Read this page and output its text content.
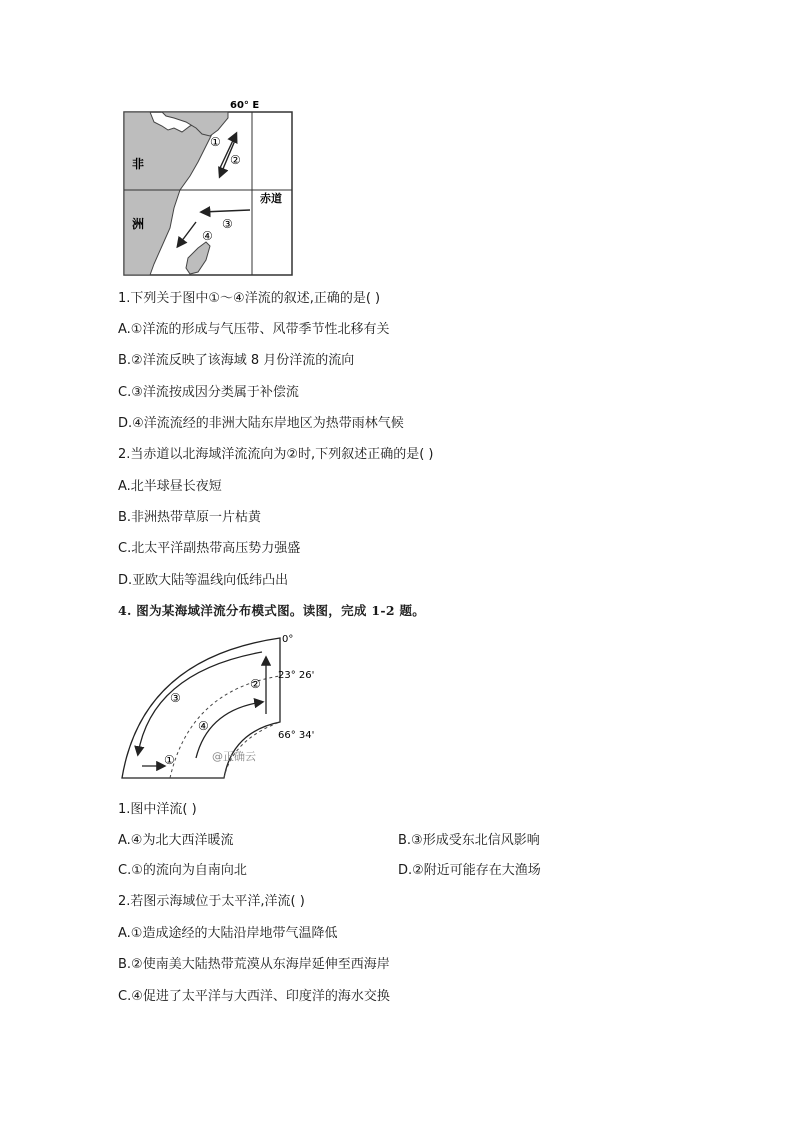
60° E
赤道
非
洲
①
②
③
④
1.下列关于图中①～④洋流的叙述,正确的是( )
A.①洋流的形成与气压带、风带季节性北移有关
B.②洋流反映了该海域 8 月份洋流的流向
C.③洋流按成因分类属于补偿流
D.④洋流流经的非洲大陆东岸地区为热带雨林气候
2.当赤道以北海域洋流流向为②时,下列叙述正确的是( )
A.北半球昼长夜短
B.非洲热带草原一片枯黄
C.北太平洋副热带高压势力强盛
D.亚欧大陆等温线向低纬凸出
4. 图为某海域洋流分布模式图。读图，完成 1-2 题。
0°
23° 26'
66° 34'
③
②
④
①	@正确云
1.图中洋流( )
A.④为北大西洋暖流	B.③形成受东北信风影响
C.①的流向为自南向北	D.②附近可能存在大渔场
2.若图示海域位于太平洋,洋流( )
A.①造成途经的大陆沿岸地带气温降低
B.②使南美大陆热带荒漠从东海岸延伸至西海岸
C.④促进了太平洋与大西洋、印度洋的海水交换
